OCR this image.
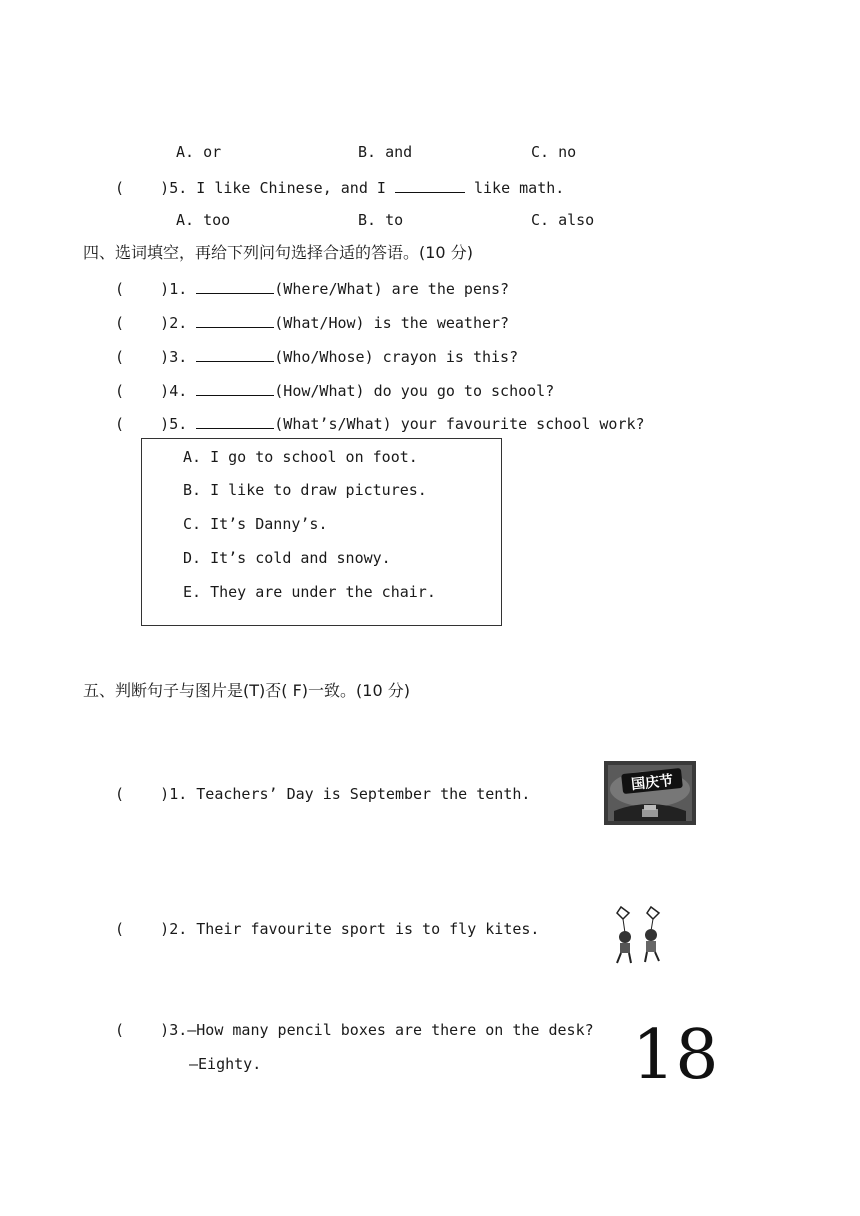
A. or	B. and	C. no
(    )5. I like Chinese, and I	like math.
A. too	B. to	C. also
四、选词填空，再给下列问句选择合适的答语。(10 分)
(    )1.	(Where/What) are the pens?
(    )2.	(What/How) is the weather?
(    )3.	(Who/Whose) crayon is this?
(    )4.	(How/What) do you go to school?
(    )5.	(What’s/What) your favourite school work?
A. I go to school on foot.
B. I like to draw pictures.
C. It’s Danny’s.
D. It’s cold and snowy.
E. They are under the chair.
五、判断句子与图片是(T)否( F)一致。(10 分)
(    )1. Teachers’ Day is September the tenth.
国庆节
(    )2. Their favourite sport is to fly kites.
(    )3.—How many pencil boxes are there on the desk?
—Eighty.	18
